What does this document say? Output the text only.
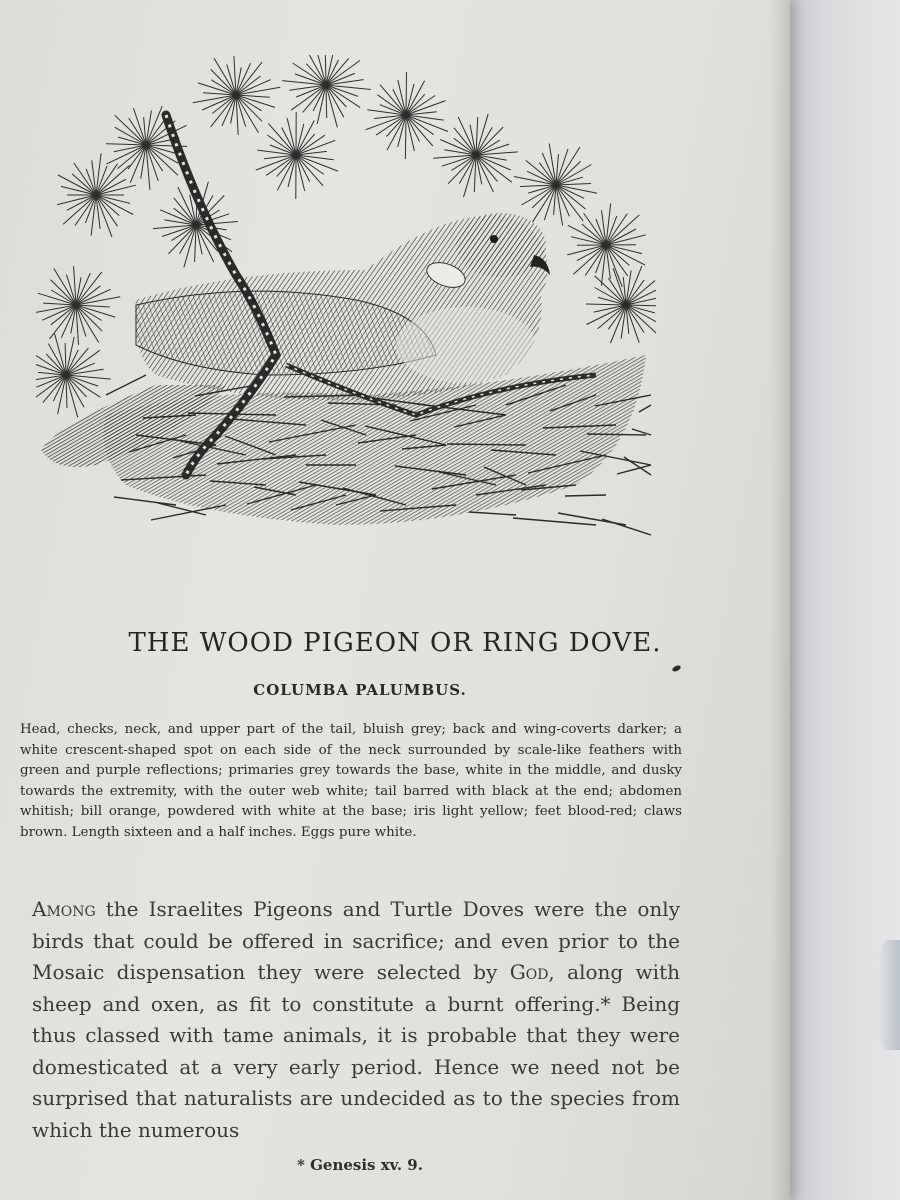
THE WOOD PIGEON OR RING DOVE.
COLUMBA PALUMBUS.

Head, checks, neck, and upper part of the tail, bluish grey; back and wing-coverts darker; a white crescent-shaped spot on each side of the neck surrounded by scale-like feathers with green and purple reflections; primaries grey towards the base, white in the middle, and dusky towards the extremity, with the outer web white; tail barred with black at the end; abdomen whitish; bill orange, powdered with white at the base; iris light yellow; feet blood-red; claws brown. Length sixteen and a half inches. Eggs pure white.

Among the Israelites Pigeons and Turtle Doves were the only birds that could be offered in sacrifice; and even prior to the Mosaic dispensation they were selected by God, along with sheep and oxen, as fit to constitute a burnt offering.* Being thus classed with tame animals, it is probable that they were domesticated at a very early period. Hence we need not be surprised that naturalists are undecided as to the species from which the numerous

* Genesis xv. 9.
